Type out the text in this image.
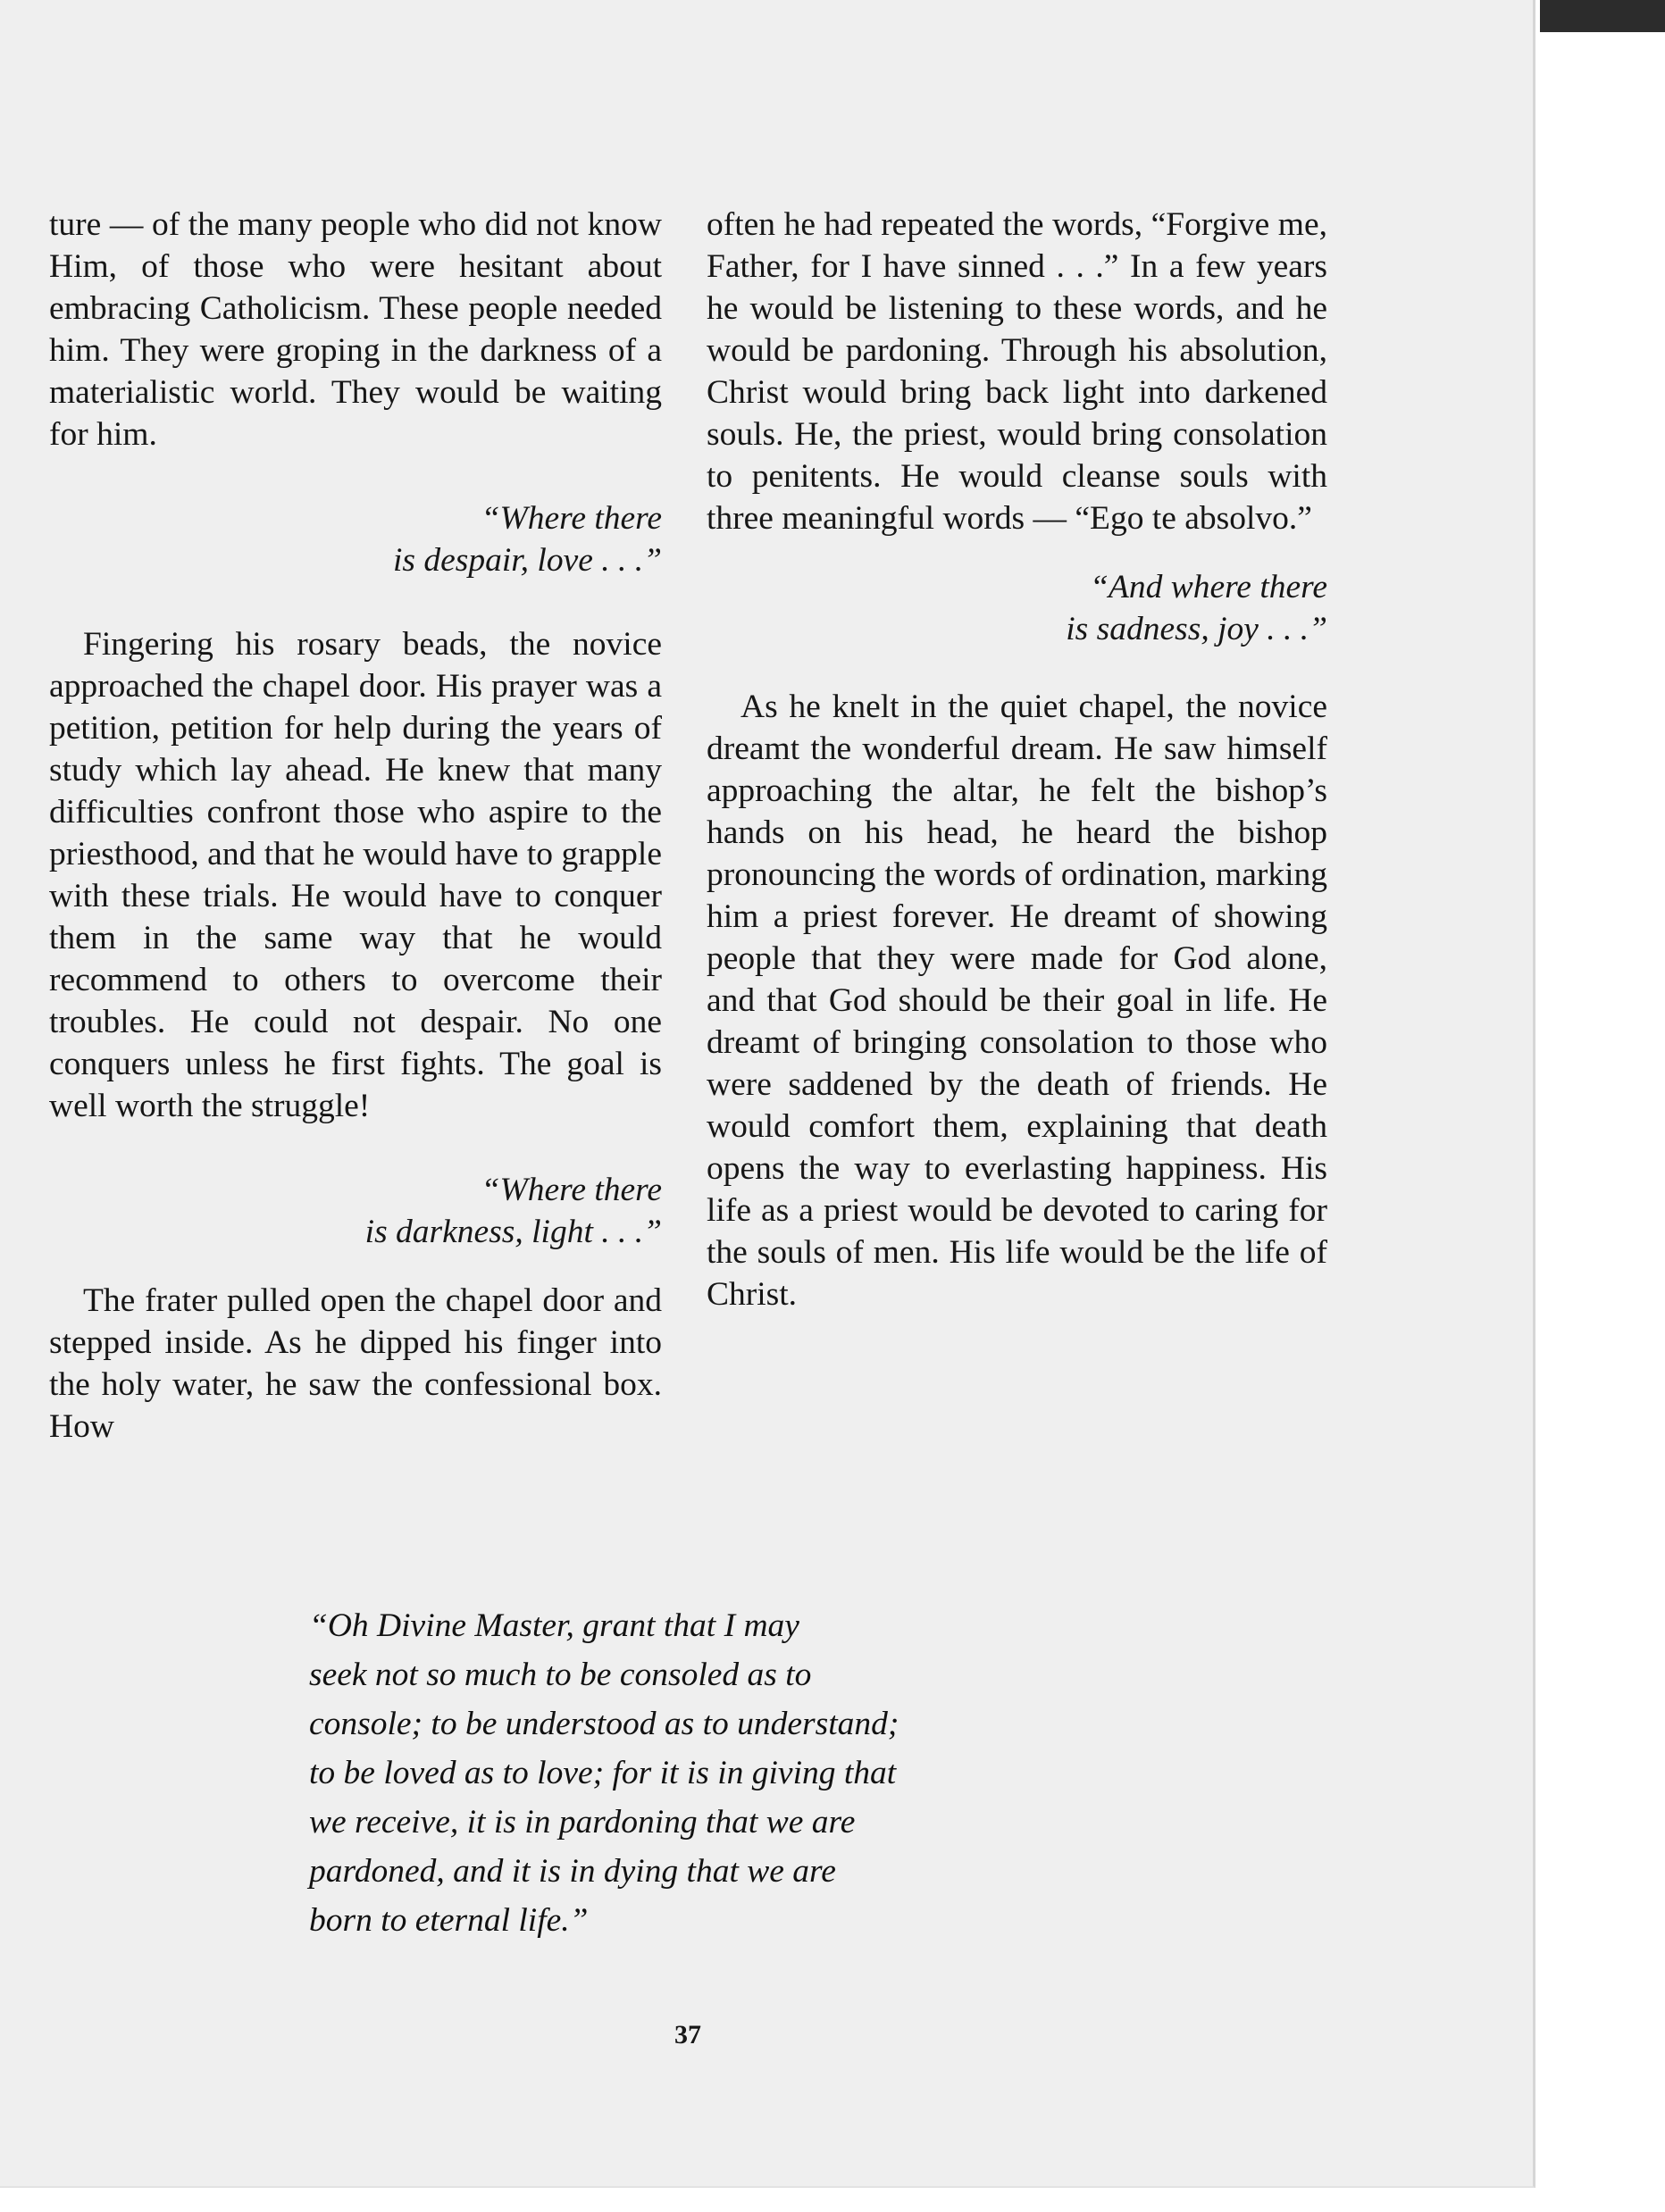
ture — of the many people who did not know Him, of those who were hesitant about embracing Catholicism. These people needed him. They were groping in the darkness of a materialistic world. They would be waiting for him.

“Where there
is despair, love . . .”

Fingering his rosary beads, the novice approached the chapel door. His prayer was a petition, petition for help during the years of study which lay ahead. He knew that many difficulties confront those who aspire to the priesthood, and that he would have to grapple with these trials. He would have to conquer them in the same way that he would recommend to others to overcome their troubles. He could not despair. No one conquers unless he first fights. The goal is well worth the struggle!

“Where there
is darkness, light . . .”

The frater pulled open the chapel door and stepped inside. As he dipped his finger into the holy water, he saw the confessional box. How

often he had repeated the words, “Forgive me, Father, for I have sinned . . .” In a few years he would be listening to these words, and he would be pardoning. Through his absolution, Christ would bring back light into darkened souls. He, the priest, would bring consolation to penitents. He would cleanse souls with three meaningful words — “Ego te absolvo.”

“And where there
is sadness, joy . . .”

As he knelt in the quiet chapel, the novice dreamt the wonderful dream. He saw himself approaching the altar, he felt the bishop’s hands on his head, he heard the bishop pronouncing the words of ordination, marking him a priest forever. He dreamt of showing people that they were made for God alone, and that God should be their goal in life. He dreamt of bringing consolation to those who were saddened by the death of friends. He would comfort them, explaining that death opens the way to everlasting happiness. His life as a priest would be devoted to caring for the souls of men. His life would be the life of Christ.

“Oh Divine Master, grant that I may
seek not so much to be consoled as to
console; to be understood as to understand;
to be loved as to love; for it is in giving that
we receive, it is in pardoning that we are
pardoned, and it is in dying that we are
born to eternal life.”
37
